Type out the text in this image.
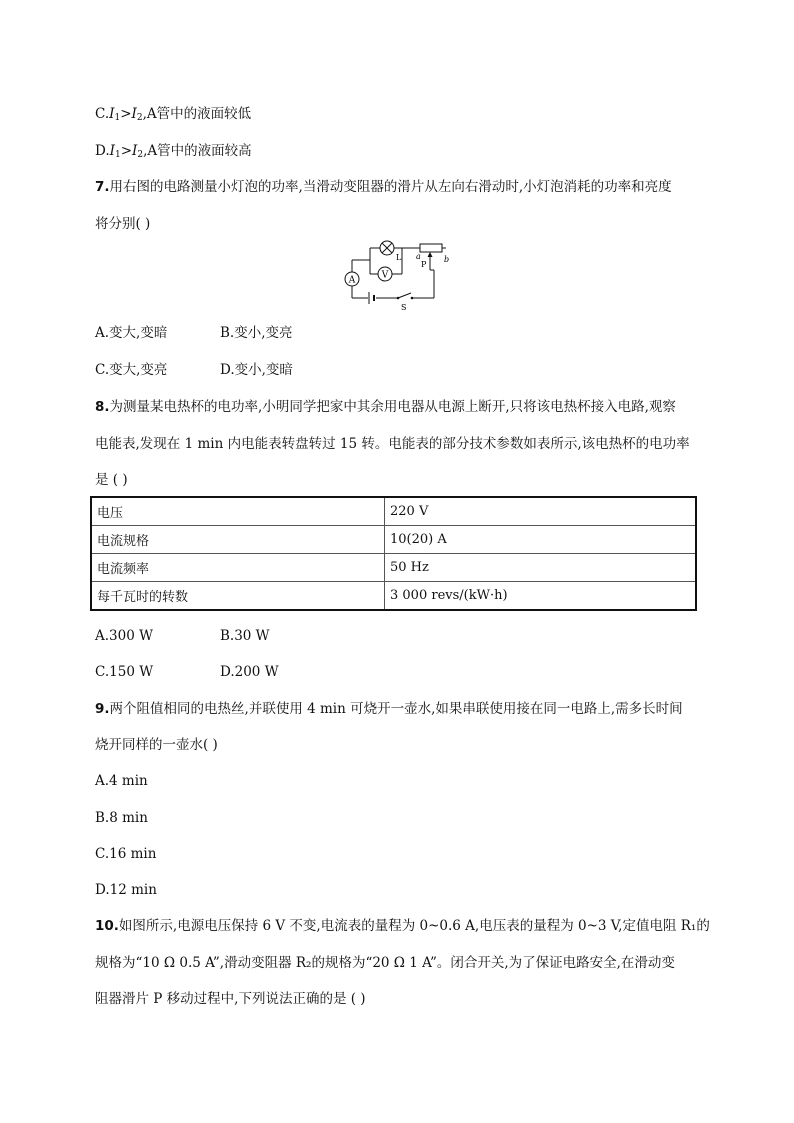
$C.I_1>I_2,A$管中的液面较低
$D.I_1>I_2,A$管中的液面较高
7.用右图的电路测量小灯泡的功率,当滑动变阻器的滑片从左向右滑动时,小灯泡消耗的功率和亮度
将分别( )
A
L
V
a	b
P
S
A.变大,变暗	B.变小,变亮
C.变大,变亮	D.变小,变暗
8.为测量某电热杯的电功率,小明同学把家中其余用电器从电源上断开,只将该电热杯接入电路,观察
电能表,发现在 1 min 内电能表转盘转过 15 转。电能表的部分技术参数如表所示,该电热杯的电功率
是 ( )
电压	220 V
电流规格	10(20) A
电流频率	50 Hz
每千瓦时的转数	3 000 revs/(kW·h)
A.300 W	B.30 W
C.150 W	D.200 W
9.两个阻值相同的电热丝,并联使用 4 min 可烧开一壶水,如果串联使用接在同一电路上,需多长时间
烧开同样的一壶水( )
A.4 min
B.8 min
C.16 min
D.12 min
10.如图所示,电源电压保持 6 V 不变,电流表的量程为 0~0.6 A,电压表的量程为 0~3 V,定值电阻 R₁的
规格为“10 Ω 0.5 A”,滑动变阻器 R₂的规格为“20 Ω 1 A”。闭合开关,为了保证电路安全,在滑动变
阻器滑片 P 移动过程中,下列说法正确的是 ( )
